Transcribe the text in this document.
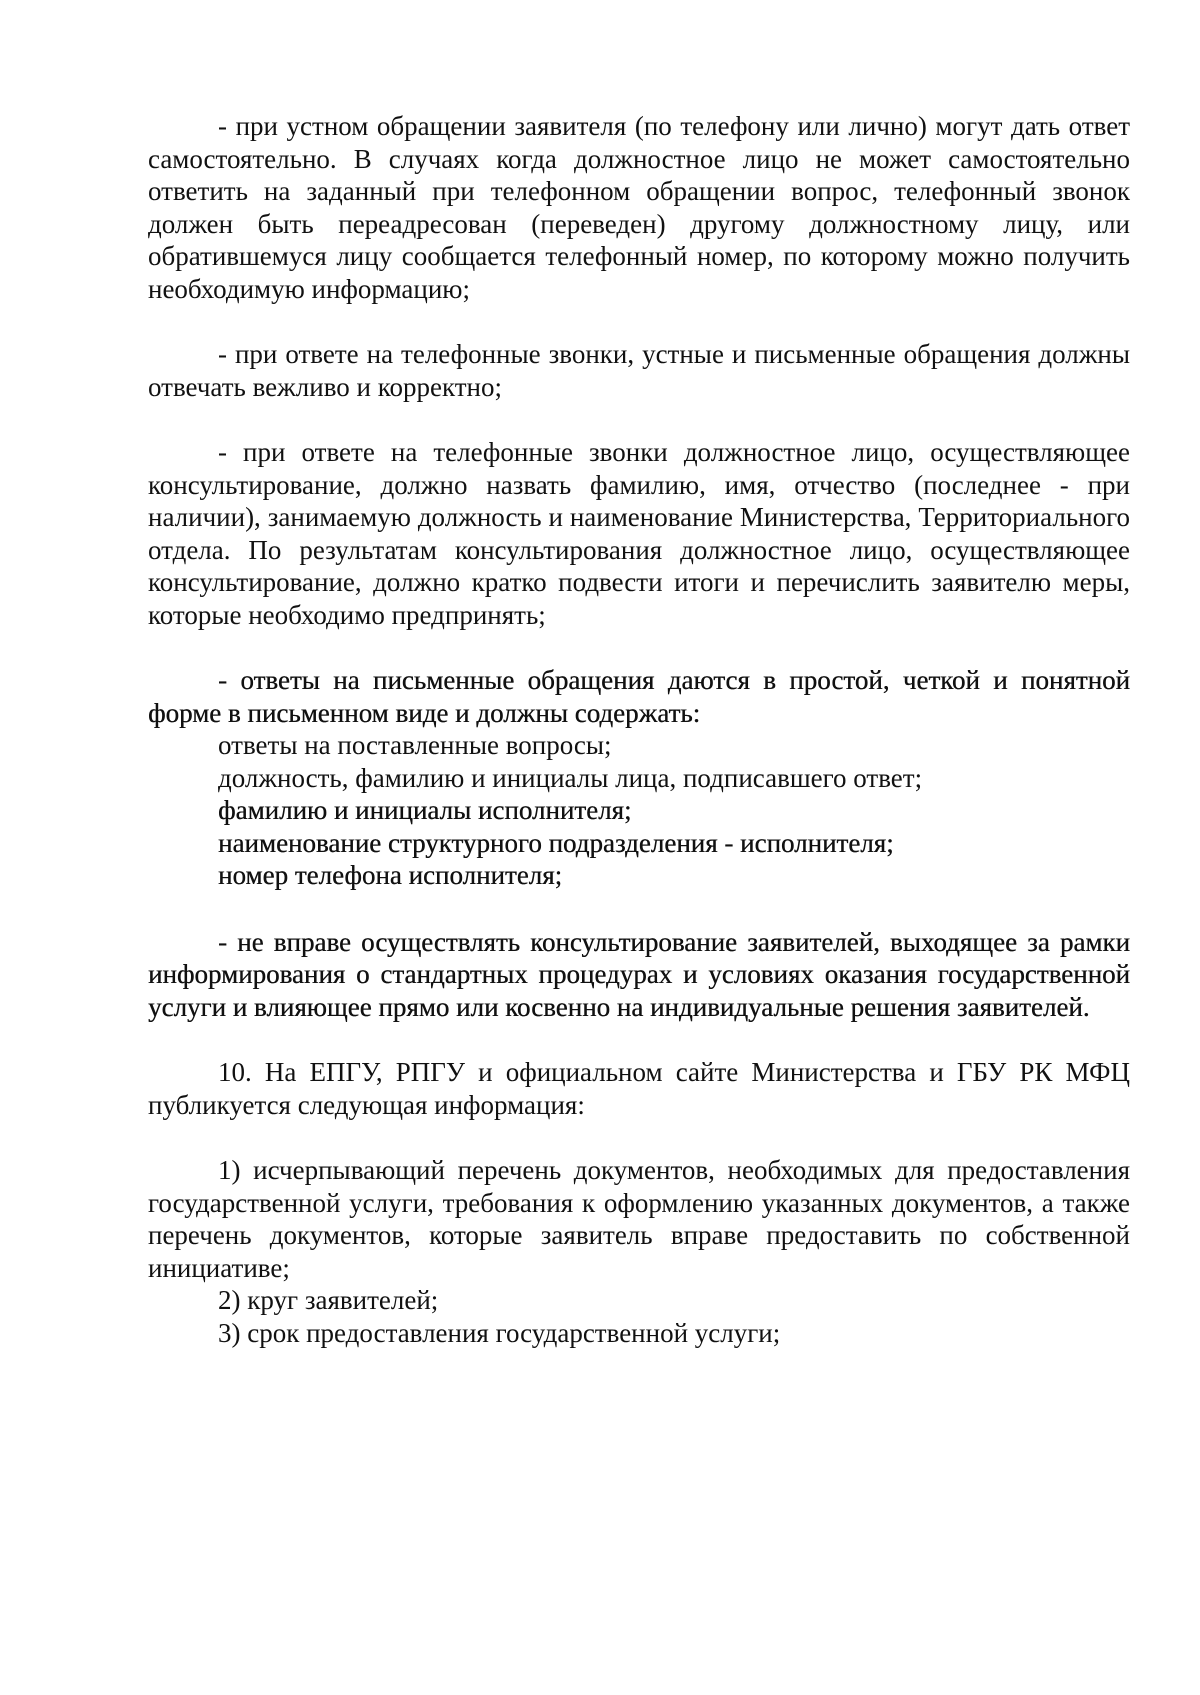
- при устном обращении заявителя (по телефону или лично) могут дать ответ самостоятельно. В случаях когда должностное лицо не может самостоятельно ответить на заданный при телефонном обращении вопрос, телефонный звонок должен быть переадресован (переведен) другому должностному лицу, или обратившемуся лицу сообщается телефонный номер, по которому можно получить необходимую информацию;

- при ответе на телефонные звонки, устные и письменные обращения должны отвечать вежливо и корректно;

- при ответе на телефонные звонки должностное лицо, осуществляющее консультирование, должно назвать фамилию, имя, отчество (последнее - при наличии), занимаемую должность и наименование Министерства, Территориального отдела. По результатам консультирования должностное лицо, осуществляющее консультирование, должно кратко подвести итоги и перечислить заявителю меры, которые необходимо предпринять;

- ответы на письменные обращения даются в простой, четкой и понятной форме в письменном виде и должны содержать:

ответы на поставленные вопросы;

должность, фамилию и инициалы лица, подписавшего ответ;

фамилию и инициалы исполнителя;

наименование структурного подразделения - исполнителя;

номер телефона исполнителя;

- не вправе осуществлять консультирование заявителей, выходящее за рамки информирования о стандартных процедурах и условиях оказания государственной услуги и влияющее прямо или косвенно на индивидуальные решения заявителей.

10. На ЕПГУ, РПГУ и официальном сайте Министерства и ГБУ РК МФЦ публикуется следующая информация:

1) исчерпывающий перечень документов, необходимых для предоставления государственной услуги, требования к оформлению указанных документов, а также перечень документов, которые заявитель вправе предоставить по собственной инициативе;

2) круг заявителей;

3) срок предоставления государственной услуги;
